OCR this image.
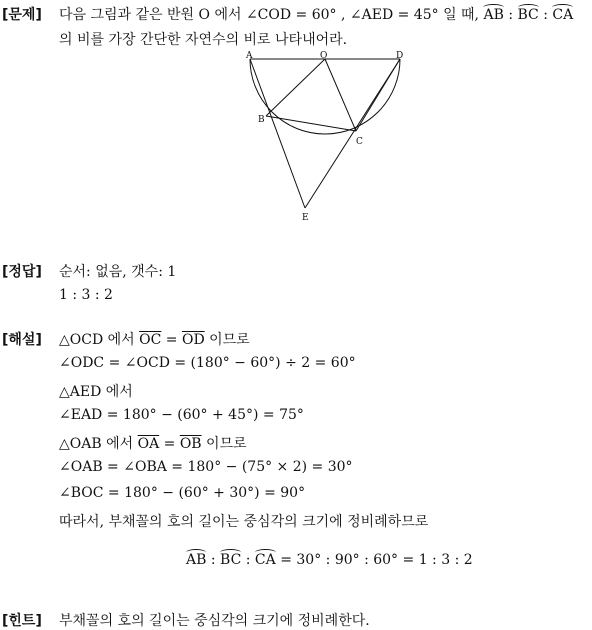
[문제] 다음 그림과 같은 반원 O 에서 ∠COD = 60° , ∠AED = 45° 일 때, AB : BC : CA
의 비를 가장 간단한 자연수의 비로 나타내어라.
A	O	D
B
C
E
[정답] 순서: 없음, 갯수: 1
1 : 3 : 2
[해설] △OCD 에서 $\overline{OC} = \overline{OD}$ 이므로
∠ODC = ∠OCD = (180° − 60°) ÷ 2 = 60°
△AED 에서
∠EAD = 180° − (60° + 45°) = 75°
△OAB 에서 $\overline{OA} = \overline{OB}$ 이므로
∠OAB = ∠OBA = 180° − (75° × 2) = 30°
∠BOC = 180° − (60° + 30°) = 90°
따라서, 부채꼴의 호의 길이는 중심각의 크기에 정비례하므로
AB : BC : CA = 30° : 90° : 60° = 1 : 3 : 2
[힌트] 부채꼴의 호의 길이는 중심각의 크기에 정비례한다.
